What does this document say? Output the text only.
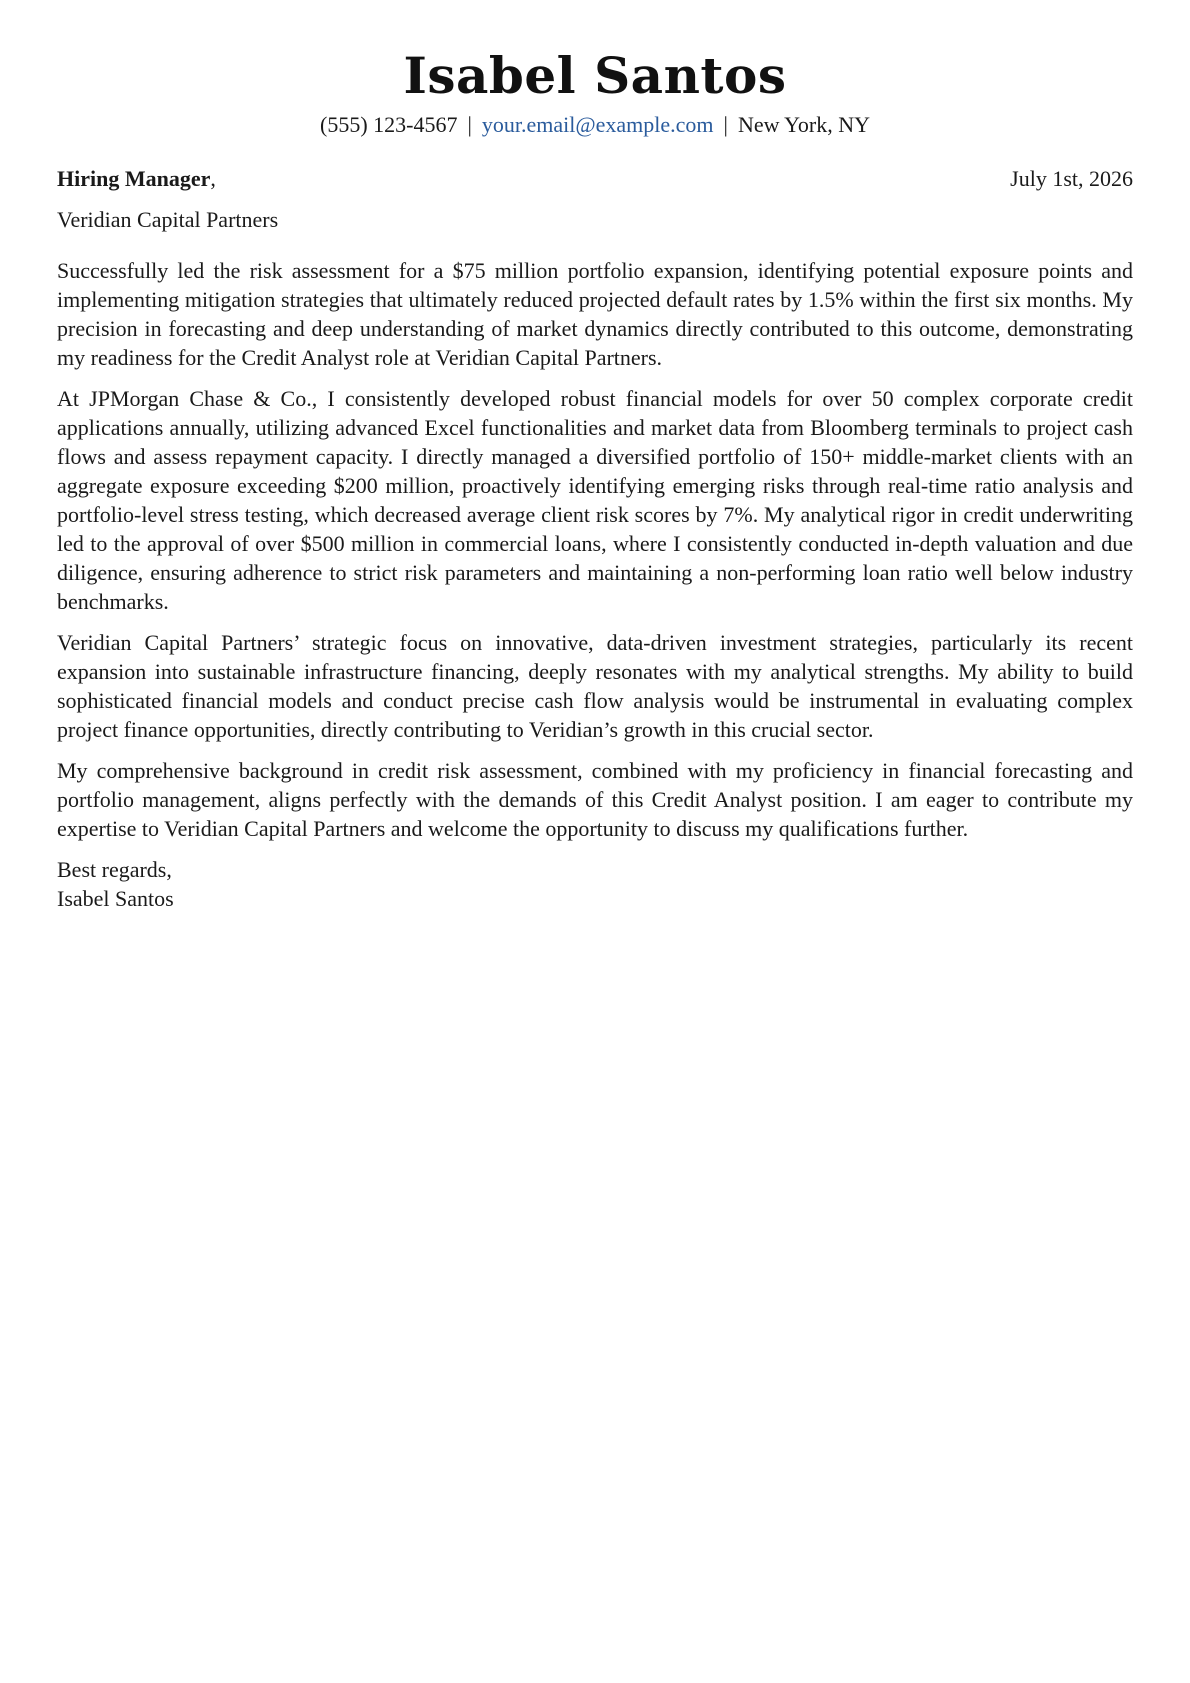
Isabel Santos
(555) 123-4567 | your.email@example.com | New York, NY
Hiring Manager,	July 1st, 2026
Veridian Capital Partners

Successfully led the risk assessment for a $75 million portfolio expansion, identifying potential exposure points and implementing mitigation strategies that ultimately reduced projected default rates by 1.5% within the first six months. My precision in forecasting and deep understanding of market dynamics directly contributed to this outcome, demonstrating my readiness for the Credit Analyst role at Veridian Capital Partners.

At JPMorgan Chase & Co., I consistently developed robust financial models for over 50 complex corporate credit applications annually, utilizing advanced Excel functionalities and market data from Bloomberg terminals to project cash flows and assess repayment capacity. I directly managed a diversified portfolio of 150+ middle-market clients with an aggregate exposure exceeding $200 million, proactively identifying emerging risks through real-time ratio analysis and portfolio-level stress testing, which decreased average client risk scores by 7%. My analytical rigor in credit underwriting led to the approval of over $500 million in commercial loans, where I consistently conducted in-depth valuation and due diligence, ensuring adherence to strict risk parameters and maintaining a non-performing loan ratio well below industry benchmarks.

Veridian Capital Partners’ strategic focus on innovative, data-driven investment strategies, particularly its recent expansion into sustainable infrastructure financing, deeply resonates with my analytical strengths. My ability to build sophisticated financial models and conduct precise cash flow analysis would be instrumental in evaluating complex project finance opportunities, directly contributing to Veridian’s growth in this crucial sector.

My comprehensive background in credit risk assessment, combined with my proficiency in financial forecasting and portfolio management, aligns perfectly with the demands of this Credit Analyst position. I am eager to contribute my expertise to Veridian Capital Partners and welcome the opportunity to discuss my qualifications further.

Best regards,
Isabel Santos
